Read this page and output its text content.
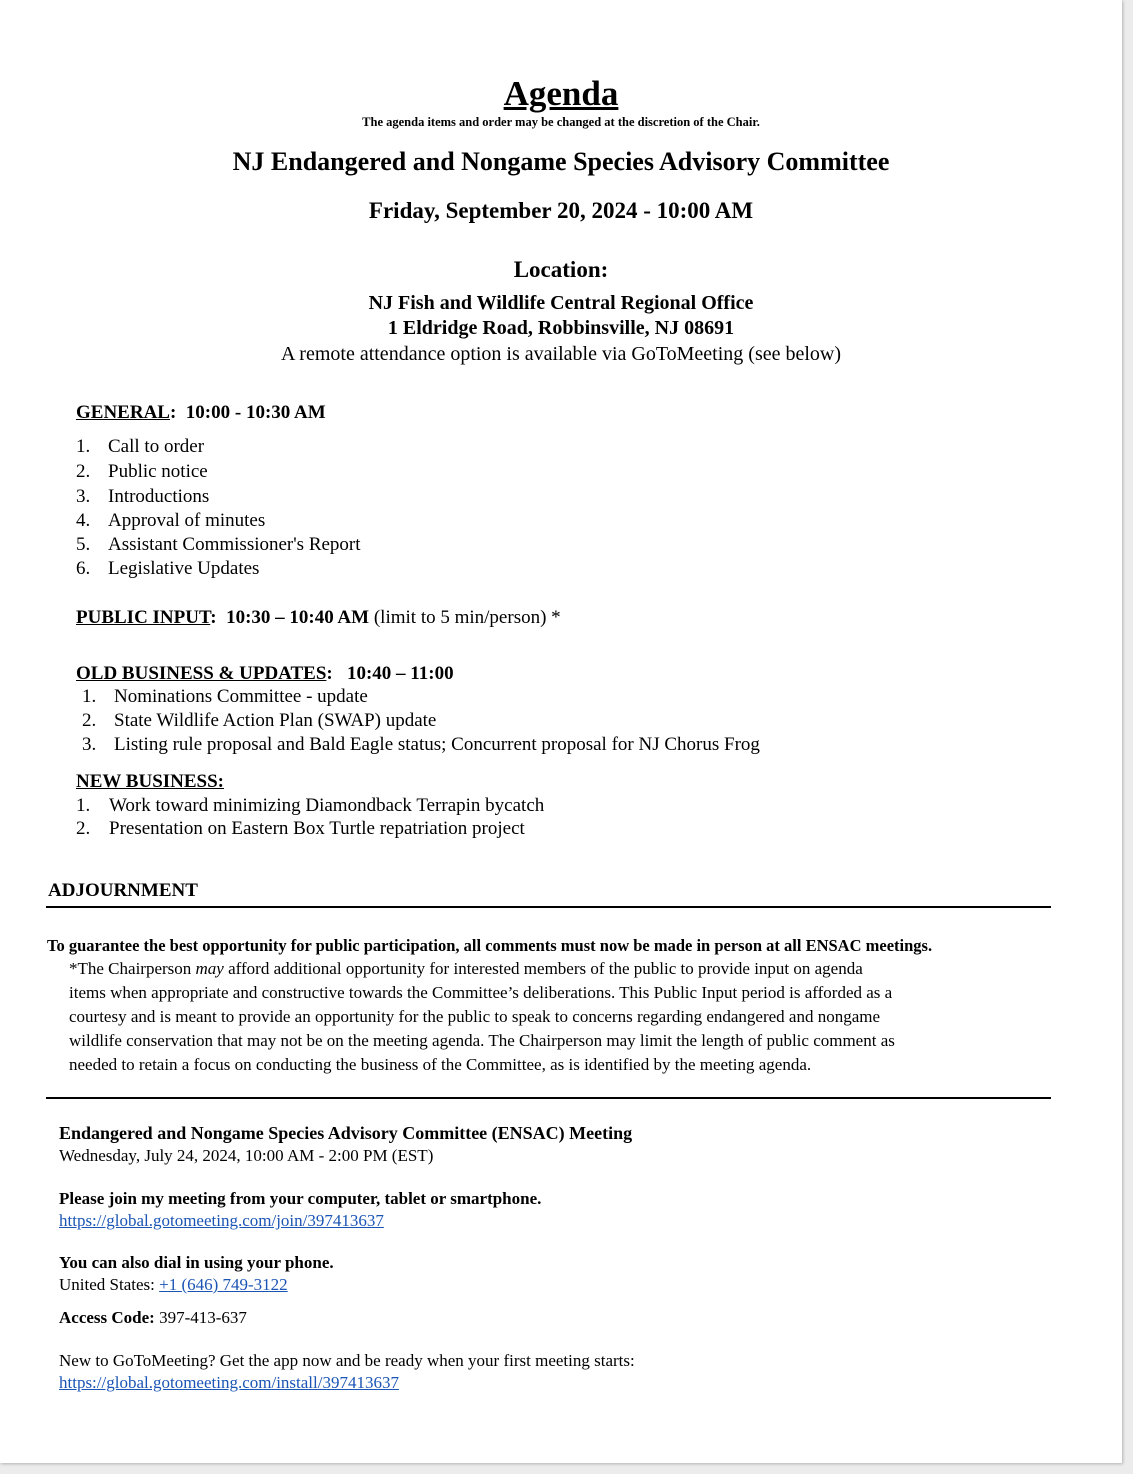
Agenda
The agenda items and order may be changed at the discretion of the Chair.
NJ Endangered and Nongame Species Advisory Committee
Friday, September 20, 2024 - 10:00 AM
Location:
NJ Fish and Wildlife Central Regional Office
1 Eldridge Road, Robbinsville, NJ 08691
A remote attendance option is available via GoToMeeting (see below)
GENERAL:  10:00 - 10:30 AM
1. Call to order
2. Public notice
3. Introductions
4. Approval of minutes
5. Assistant Commissioner's Report
6. Legislative Updates
PUBLIC INPUT:  10:30 – 10:40 AM (limit to 5 min/person) *
OLD BUSINESS & UPDATES:   10:40 – 11:00
1. Nominations Committee - update
2. State Wildlife Action Plan (SWAP) update
3. Listing rule proposal and Bald Eagle status; Concurrent proposal for NJ Chorus Frog
NEW BUSINESS:
1. Work toward minimizing Diamondback Terrapin bycatch
2. Presentation on Eastern Box Turtle repatriation project
ADJOURNMENT
To guarantee the best opportunity for public participation, all comments must now be made in person at all ENSAC meetings.
*The Chairperson may afford additional opportunity for interested members of the public to provide input on agenda
items when appropriate and constructive towards the Committee’s deliberations. This Public Input period is afforded as a
courtesy and is meant to provide an opportunity for the public to speak to concerns regarding endangered and nongame
wildlife conservation that may not be on the meeting agenda. The Chairperson may limit the length of public comment as
needed to retain a focus on conducting the business of the Committee, as is identified by the meeting agenda.
Endangered and Nongame Species Advisory Committee (ENSAC) Meeting
Wednesday, July 24, 2024, 10:00 AM - 2:00 PM (EST)
Please join my meeting from your computer, tablet or smartphone.
https://global.gotomeeting.com/join/397413637
You can also dial in using your phone.
United States: +1 (646) 749-3122
Access Code: 397-413-637
New to GoToMeeting? Get the app now and be ready when your first meeting starts:
https://global.gotomeeting.com/install/397413637
